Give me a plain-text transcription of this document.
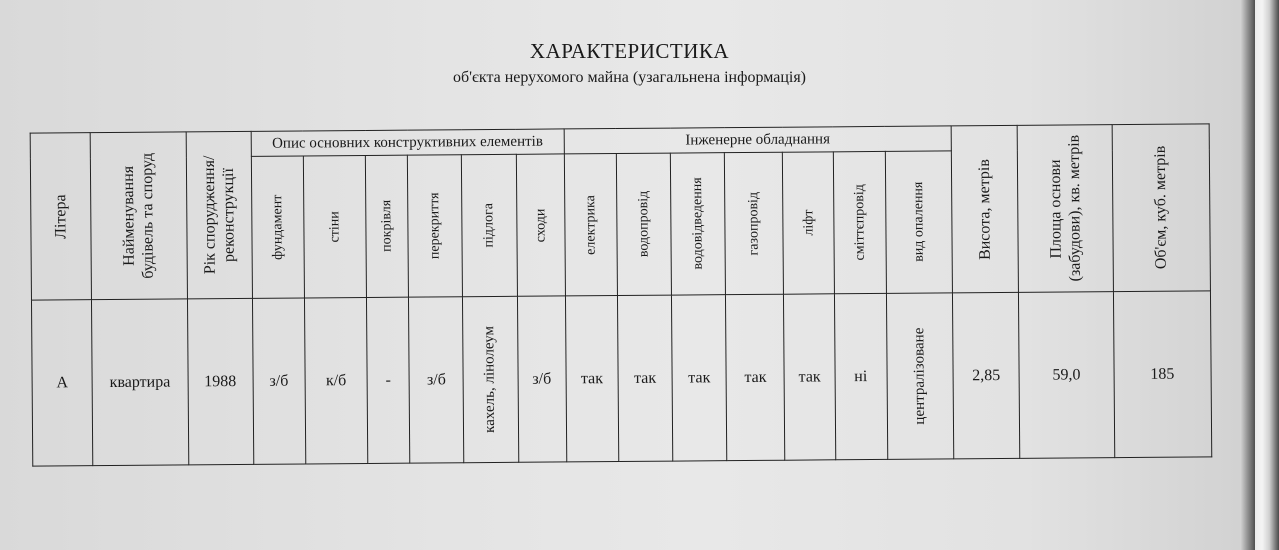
ХАРАКТЕРИСТИКА
об'єкта нерухомого майна (узагальнена інформація)
Літера	Найменування будівель та споруд	Рік спорудження/ реконструкції	Опис основних конструктивних елементів						Інженерне обладнання							Висота, метрів	Площа основи (забудови), кв. метрів	Об'єм, куб. метрів

			фундамент	стіни	покрівля	перекриття	підлога	сходи	електрика	водопровід	водовідведення	газопровід	ліфт	сміттєпровід	вид опалення			

А	квартира	1988	з/б	к/б	-	з/б	кахель, лінолеум	з/б	так	так	так	так	так	ні	централізоване	2,85	59,0	185
